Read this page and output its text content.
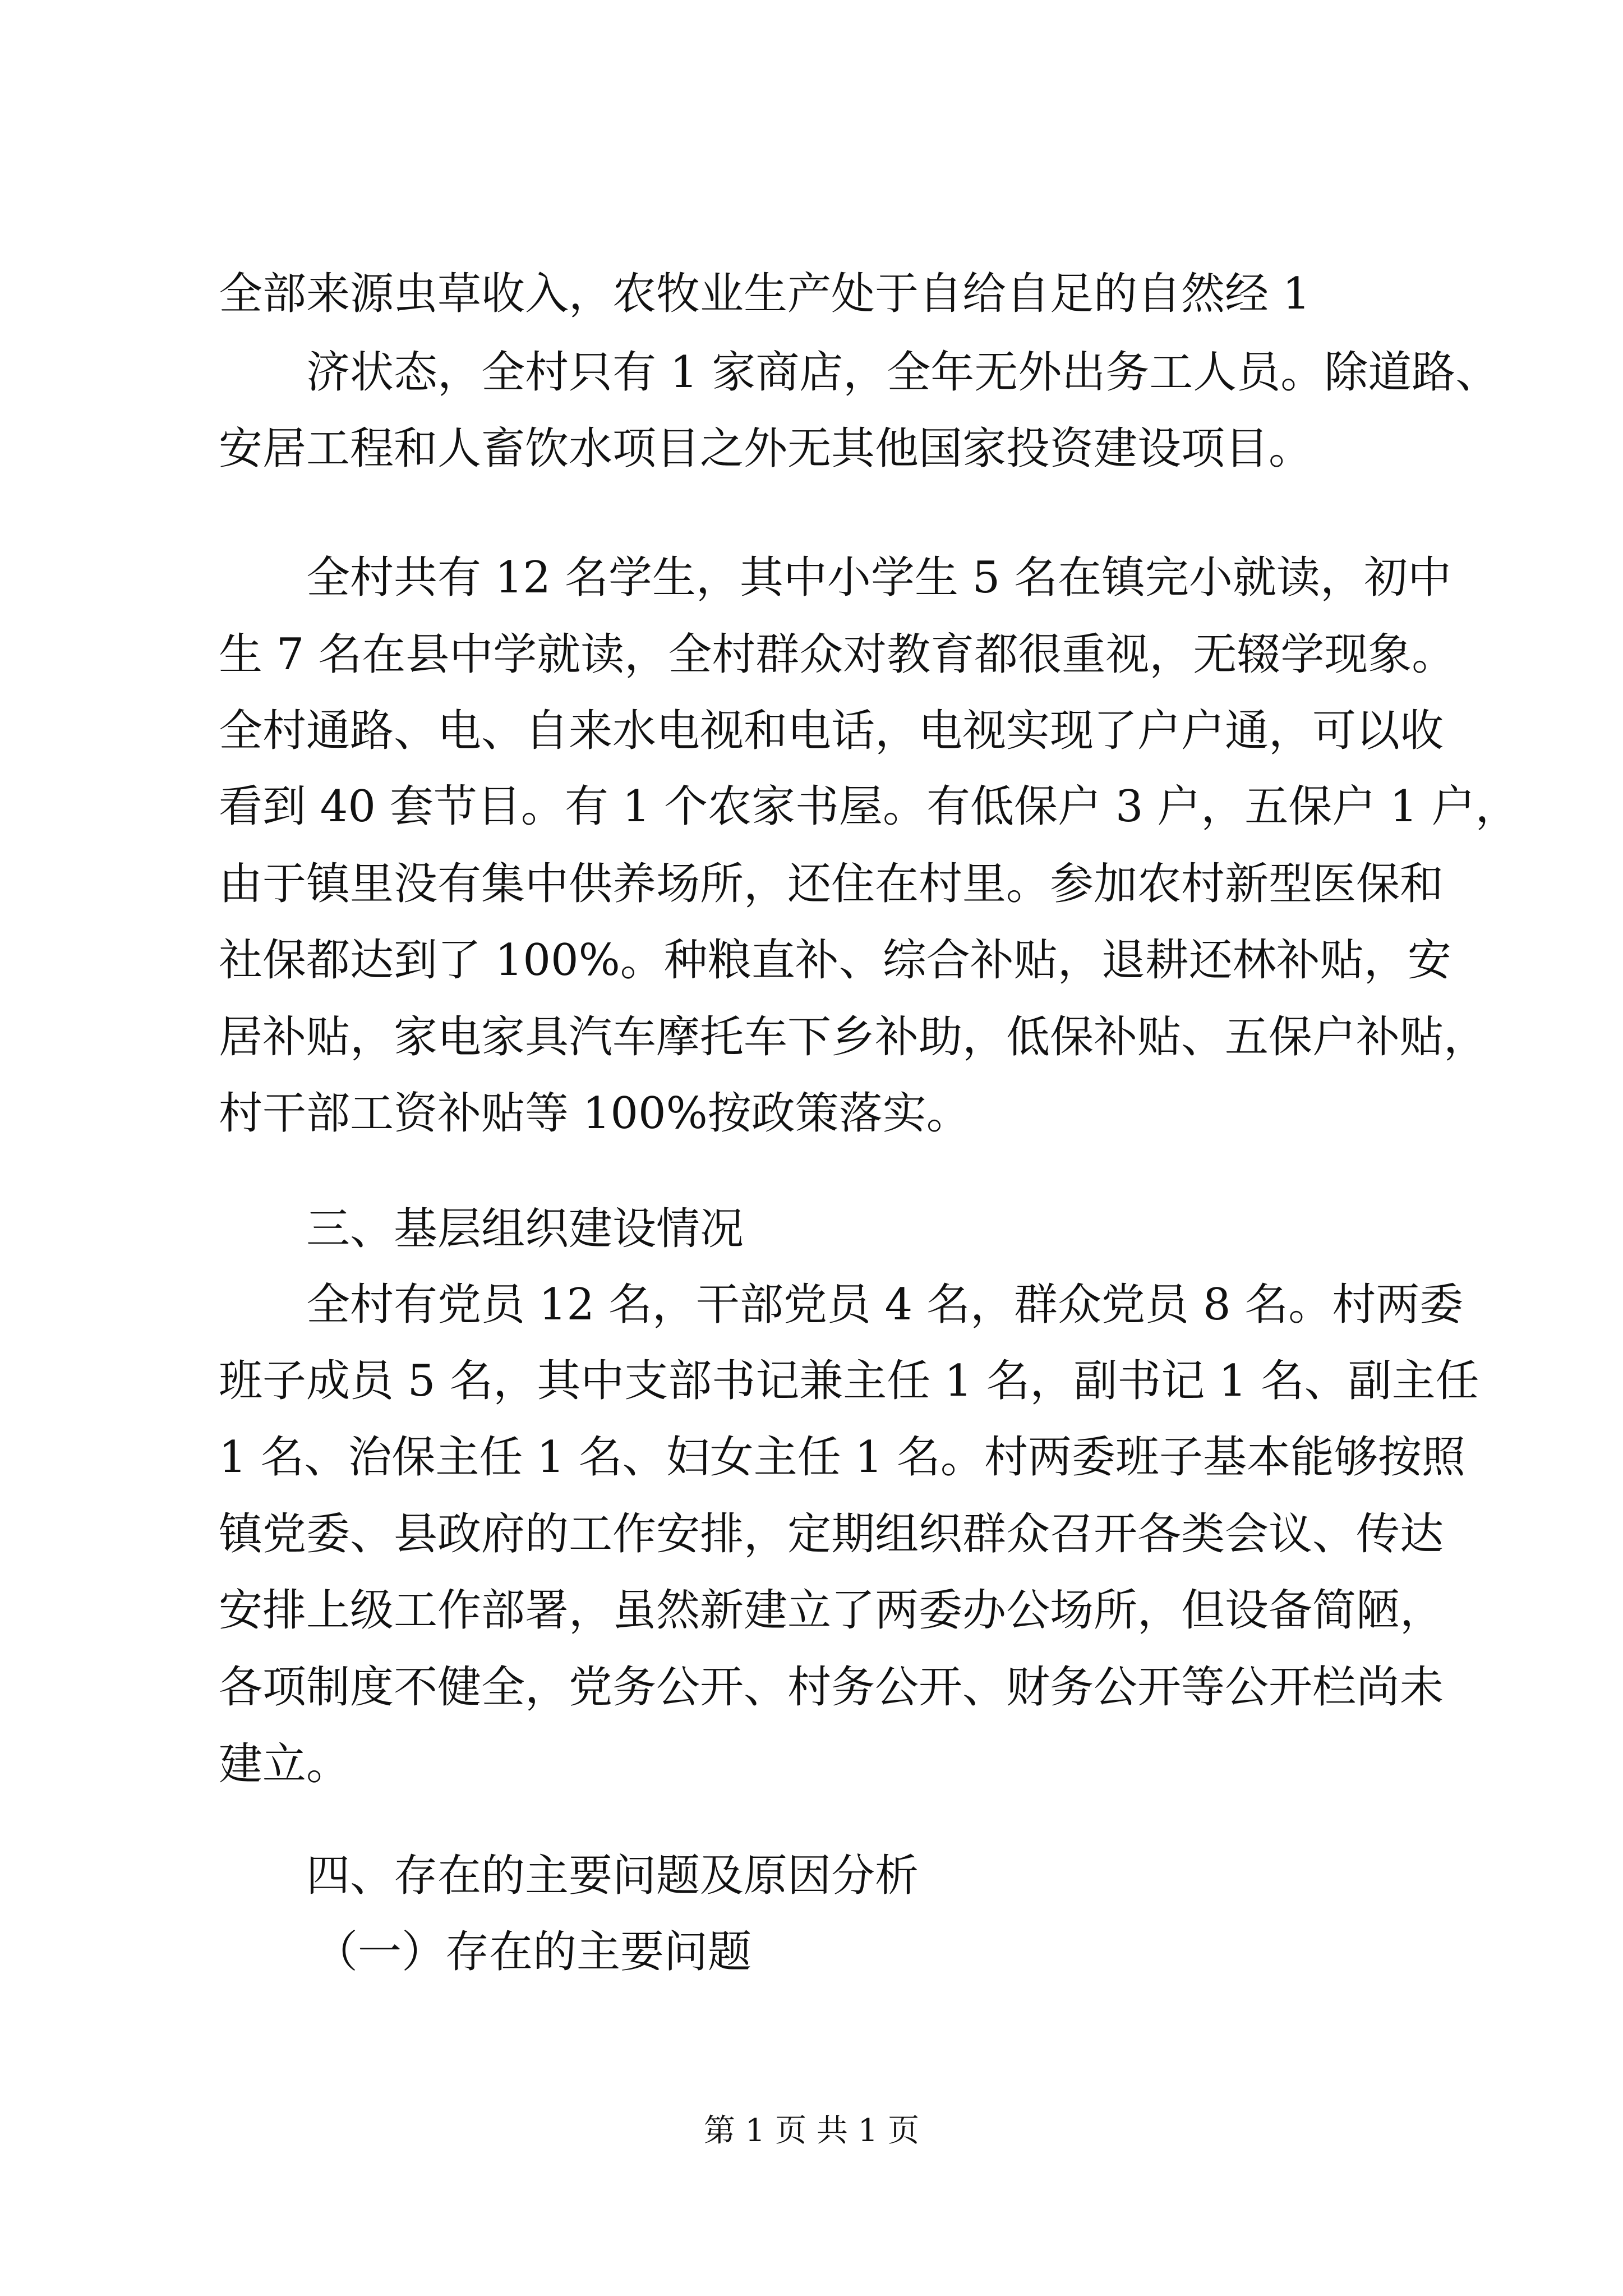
全部来源虫草收入，农牧业生产处于自给自足的自然经 1
济状态，全村只有 1 家商店，全年无外出务工人员。除道路、
安居工程和人畜饮水项目之外无其他国家投资建设项目。
全村共有 12 名学生，其中小学生 5 名在镇完小就读，初中
生 7 名在县中学就读，全村群众对教育都很重视，无辍学现象。
全村通路、电、自来水电视和电话，电视实现了户户通，可以收
看到 40 套节目。有 1 个农家书屋。有低保户 3 户，五保户 1 户，
由于镇里没有集中供养场所，还住在村里。参加农村新型医保和
社保都达到了 100%。种粮直补、综合补贴，退耕还林补贴，安
居补贴，家电家具汽车摩托车下乡补助，低保补贴、五保户补贴，
村干部工资补贴等 100%按政策落实。
三、基层组织建设情况
全村有党员 12 名，干部党员 4 名，群众党员 8 名。村两委
班子成员 5 名，其中支部书记兼主任 1 名，副书记 1 名、副主任
1 名、治保主任 1 名、妇女主任 1 名。村两委班子基本能够按照
镇党委、县政府的工作安排，定期组织群众召开各类会议、传达
安排上级工作部署，虽然新建立了两委办公场所，但设备简陋，
各项制度不健全，党务公开、村务公开、财务公开等公开栏尚未
建立。
四、存在的主要问题及原因分析
（一）存在的主要问题
第 1 页 共 1 页
